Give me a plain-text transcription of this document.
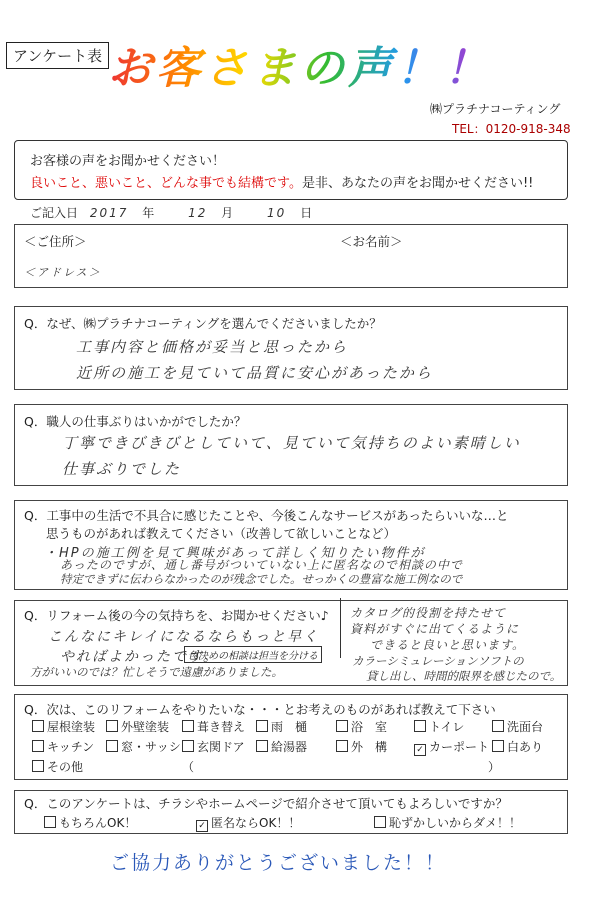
アンケート表 お客さまの声！！
㈱プラチナコーティング
TEL：0120-918-348
お客様の声をお聞かせください！
良いこと、悪いこと、どんな事でも結構です。是非、あなたの声をお聞かせください!!
ご記入日 2017 年	12 月	10 日
＜ご住所＞	＜お名前＞
＜アドレス＞
Q．なぜ、㈱プラチナコーティングを選んでくださいましたか？
工事内容と価格が妥当と思ったから
近所の施工を見ていて品質に安心があったから
Q．職人の仕事ぶりはいかがでしたか？
丁寧できびきびとしていて、見ていて気持ちのよい素晴しい
仕事ぶりでした
Q．工事中の生活で不具合に感じたことや、今後こんなサービスがあったらいいな…と
思うものがあれば教えてください（改善して欲しいことなど）
・HPの施工例を見て興味があって詳しく知りたい物件が
あったのですが、通し番号がついていない上に匿名なので相談の中で
特定できずに伝わらなかったのが残念でした。せっかくの豊富な施工例なので
Q．リフォーム後の今の気持ちを、お聞かせください♪
こんなにキレイになるならもっと早く
やればよかったです。
色決めの相談は担当を分ける
方がいいのでは？忙しそうで遠慮がありました。
カタログ的役割を持たせて
資料がすぐに出てくるように
できると良いと思います。
カラーシミュレーションソフトの
貸し出し、時間的限界を感じたので。
Q．次は、このリフォームをやりたいな・・・とお考えのものがあれば教えて下さい
屋根塗装	外壁塗装	葺き替え	雨　樋	浴　室	トイレ	洗面台
キッチン	窓・サッシ	玄関ドア	給湯器	外　構	✓ カーポート	白あり
その他	（	）
Q．このアンケートは、チラシやホームページで紹介させて頂いてもよろしいですか？
もちろんOK！	✓ 匿名ならOK！！	恥ずかしいからダメ！！
ご協力ありがとうございました！！
